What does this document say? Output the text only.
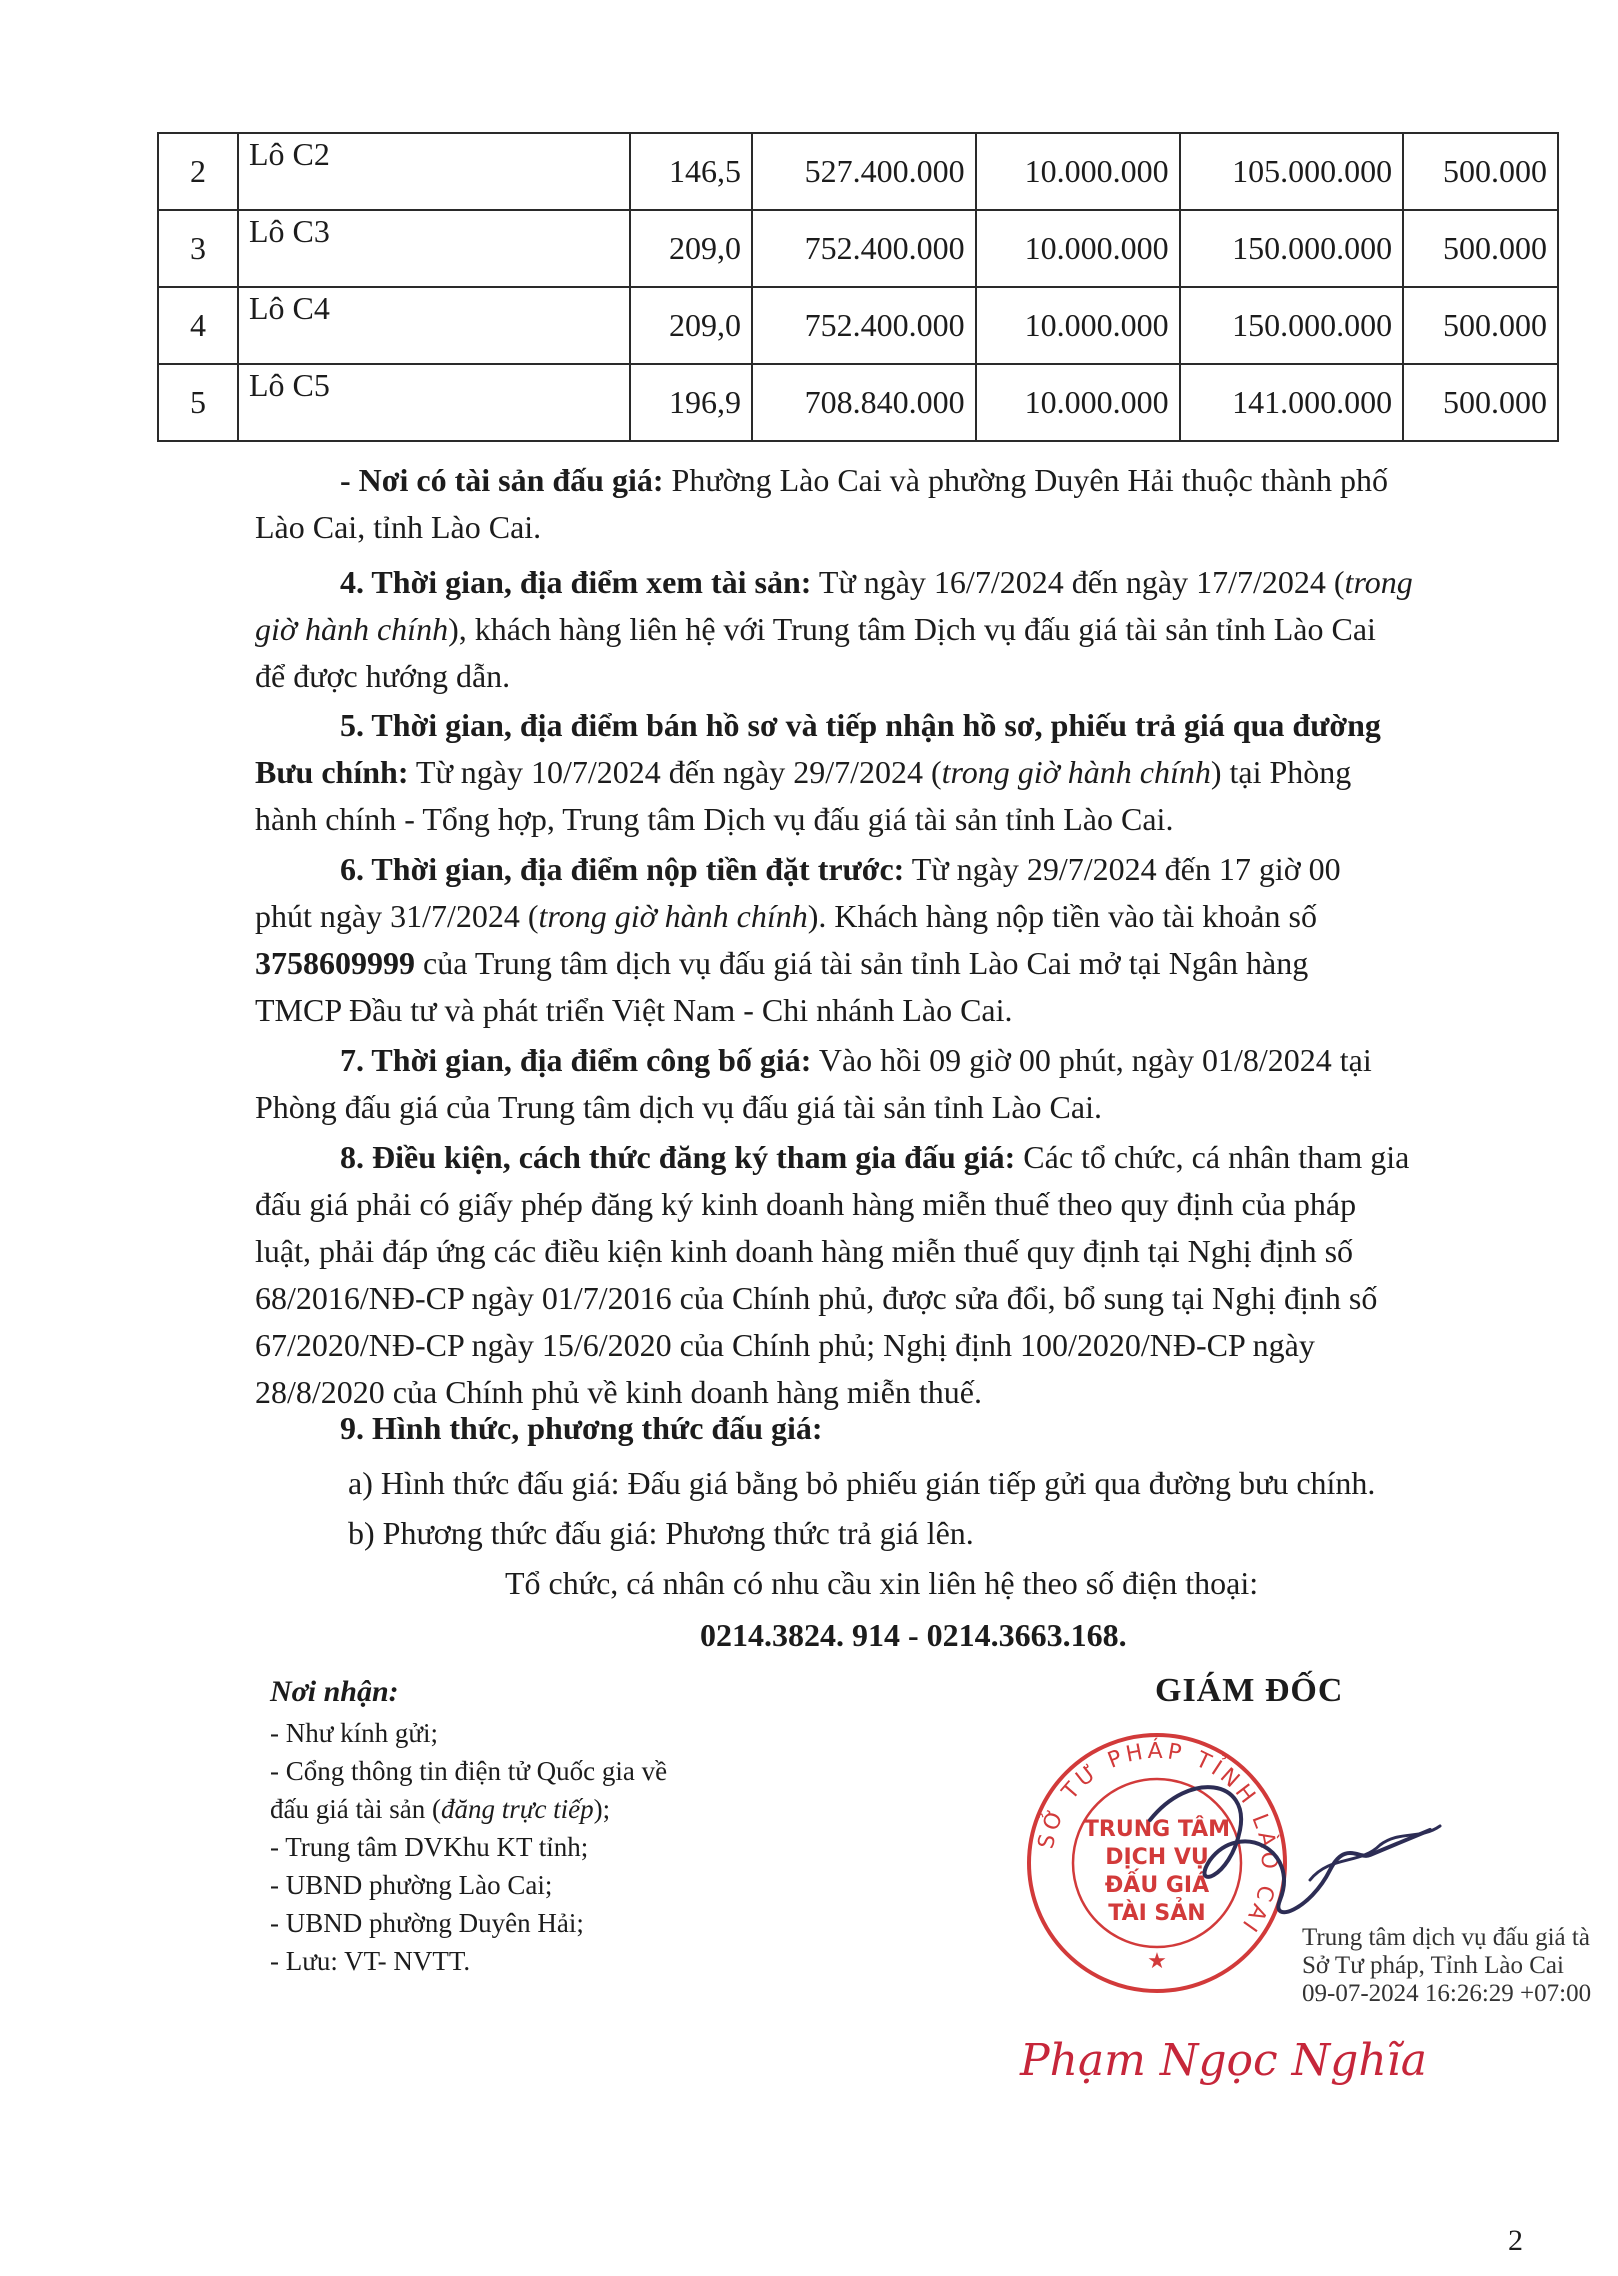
2	Lô C2	146,5	527.400.000	10.000.000	105.000.000	500.000
3	Lô C3	209,0	752.400.000	10.000.000	150.000.000	500.000
4	Lô C4	209,0	752.400.000	10.000.000	150.000.000	500.000
5	Lô C5	196,9	708.840.000	10.000.000	141.000.000	500.000
- Nơi có tài sản đấu giá: Phường Lào Cai và phường Duyên Hải thuộc thành phố
Lào Cai, tỉnh Lào Cai.
4. Thời gian, địa điểm xem tài sản: Từ ngày 16/7/2024 đến ngày 17/7/2024 (trong
giờ hành chính), khách hàng liên hệ với Trung tâm Dịch vụ đấu giá tài sản tỉnh Lào Cai
để được hướng dẫn.
5. Thời gian, địa điểm bán hồ sơ và tiếp nhận hồ sơ, phiếu trả giá qua đường
Bưu chính: Từ ngày 10/7/2024 đến ngày 29/7/2024 (trong giờ hành chính) tại Phòng
hành chính - Tổng hợp, Trung tâm Dịch vụ đấu giá tài sản tỉnh Lào Cai.
6. Thời gian, địa điểm nộp tiền đặt trước: Từ ngày 29/7/2024 đến 17 giờ 00
phút ngày 31/7/2024 (trong giờ hành chính). Khách hàng nộp tiền vào tài khoản số
3758609999 của Trung tâm dịch vụ đấu giá tài sản tỉnh Lào Cai mở tại Ngân hàng
TMCP Đầu tư và phát triển Việt Nam - Chi nhánh Lào Cai.
7. Thời gian, địa điểm công bố giá: Vào hồi 09 giờ 00 phút, ngày 01/8/2024 tại
Phòng đấu giá của Trung tâm dịch vụ đấu giá tài sản tỉnh Lào Cai.
8. Điều kiện, cách thức đăng ký tham gia đấu giá: Các tổ chức, cá nhân tham gia
đấu giá phải có giấy phép đăng ký kinh doanh hàng miễn thuế theo quy định của pháp
luật, phải đáp ứng các điều kiện kinh doanh hàng miễn thuế quy định tại Nghị định số
68/2016/NĐ-CP ngày 01/7/2016 của Chính phủ, được sửa đổi, bổ sung tại Nghị định số
67/2020/NĐ-CP ngày 15/6/2020 của Chính phủ; Nghị định 100/2020/NĐ-CP ngày
28/8/2020 của Chính phủ về kinh doanh hàng miễn thuế.
9. Hình thức, phương thức đấu giá:
a) Hình thức đấu giá: Đấu giá bằng bỏ phiếu gián tiếp gửi qua đường bưu chính.
b) Phương thức đấu giá: Phương thức trả giá lên.
Tổ chức, cá nhân có nhu cầu xin liên hệ theo số điện thoại:
0214.3824. 914 - 0214.3663.168.
Nơi nhận:
- Như kính gửi;
- Cổng thông tin điện tử Quốc gia về
đấu giá tài sản (đăng trực tiếp);
- Trung tâm DVKhu KT tỉnh;
- UBND phường Lào Cai;
- UBND phường Duyên Hải;
- Lưu: VT- NVTT.
GIÁM ĐỐC
SỞ TƯ PHÁP TỈNH LÀO CAI
TRUNG TÂM
DỊCH VỤ
ĐẤU GIÁ
TÀI SẢN
★
Trung tâm dịch vụ đấu giá tà
Sở Tư pháp, Tỉnh Lào Cai
09-07-2024 16:26:29 +07:00
Phạm Ngọc Nghĩa
2
